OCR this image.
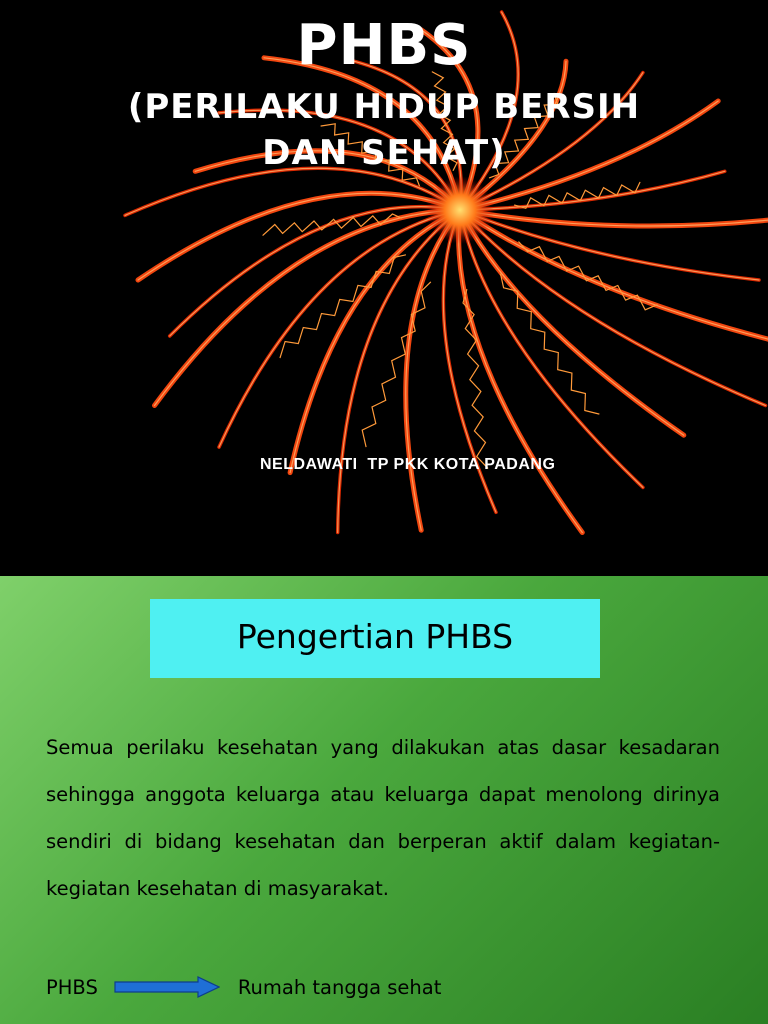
PHBS
(PERILAKU HIDUP BERSIH
DAN SEHAT)
NELDAWATI  TP PKK KOTA PADANG
Pengertian PHBS

Semua perilaku kesehatan yang dilakukan atas dasar kesadaran sehingga anggota keluarga atau keluarga dapat menolong dirinya sendiri di bidang kesehatan dan berperan aktif dalam kegiatan-kegiatan kesehatan di masyarakat.

PHBS	Rumah tangga sehat
